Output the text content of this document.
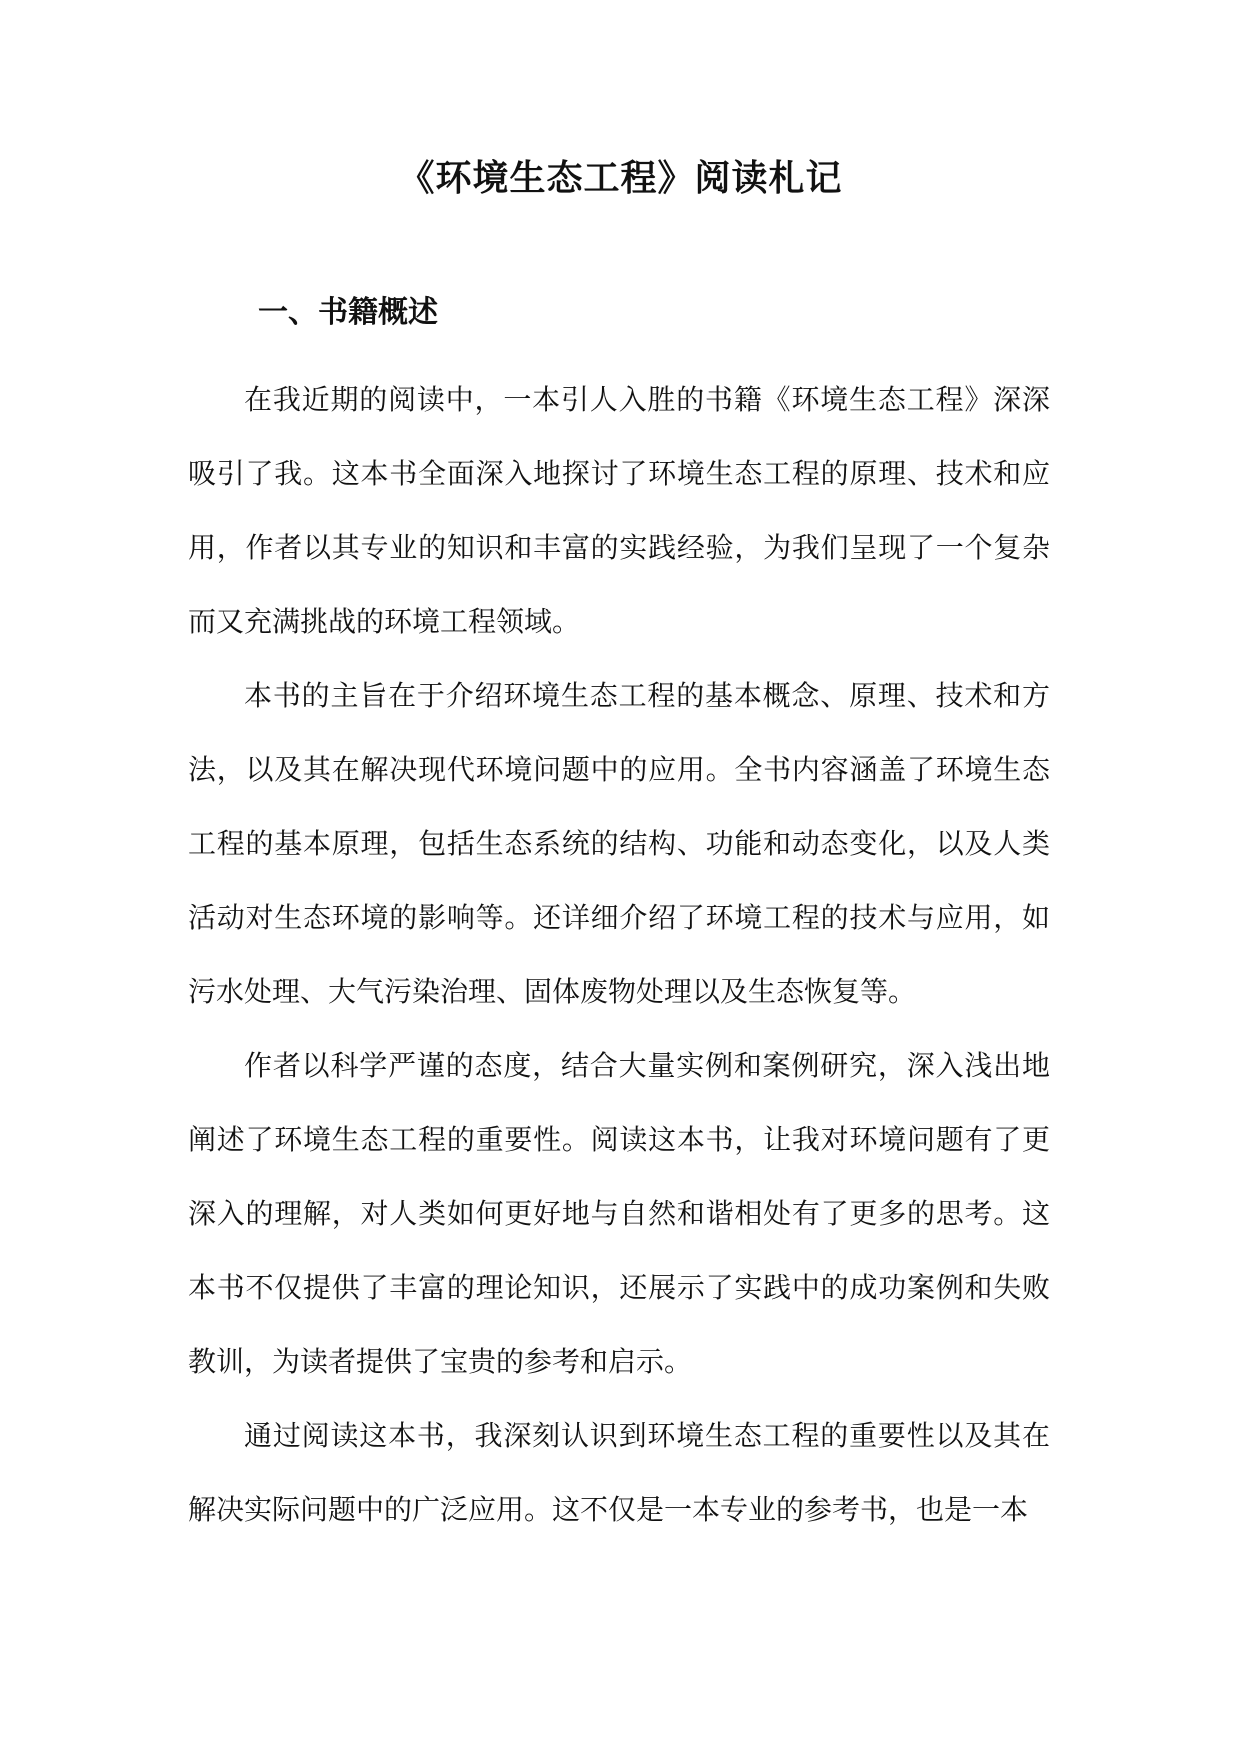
《环境生态工程》阅读札记
一、书籍概述

在我近期的阅读中，一本引人入胜的书籍《环境生态工程》深深吸引了我。这本书全面深入地探讨了环境生态工程的原理、技术和应用，作者以其专业的知识和丰富的实践经验，为我们呈现了一个复杂而又充满挑战的环境工程领域。

本书的主旨在于介绍环境生态工程的基本概念、原理、技术和方法，以及其在解决现代环境问题中的应用。全书内容涵盖了环境生态工程的基本原理，包括生态系统的结构、功能和动态变化，以及人类活动对生态环境的影响等。还详细介绍了环境工程的技术与应用，如污水处理、大气污染治理、固体废物处理以及生态恢复等。

作者以科学严谨的态度，结合大量实例和案例研究，深入浅出地阐述了环境生态工程的重要性。阅读这本书，让我对环境问题有了更深入的理解，对人类如何更好地与自然和谐相处有了更多的思考。这本书不仅提供了丰富的理论知识，还展示了实践中的成功案例和失败教训，为读者提供了宝贵的参考和启示。

通过阅读这本书，我深刻认识到环境生态工程的重要性以及其在解决实际问题中的广泛应用。这不仅是一本专业的参考书，也是一本
